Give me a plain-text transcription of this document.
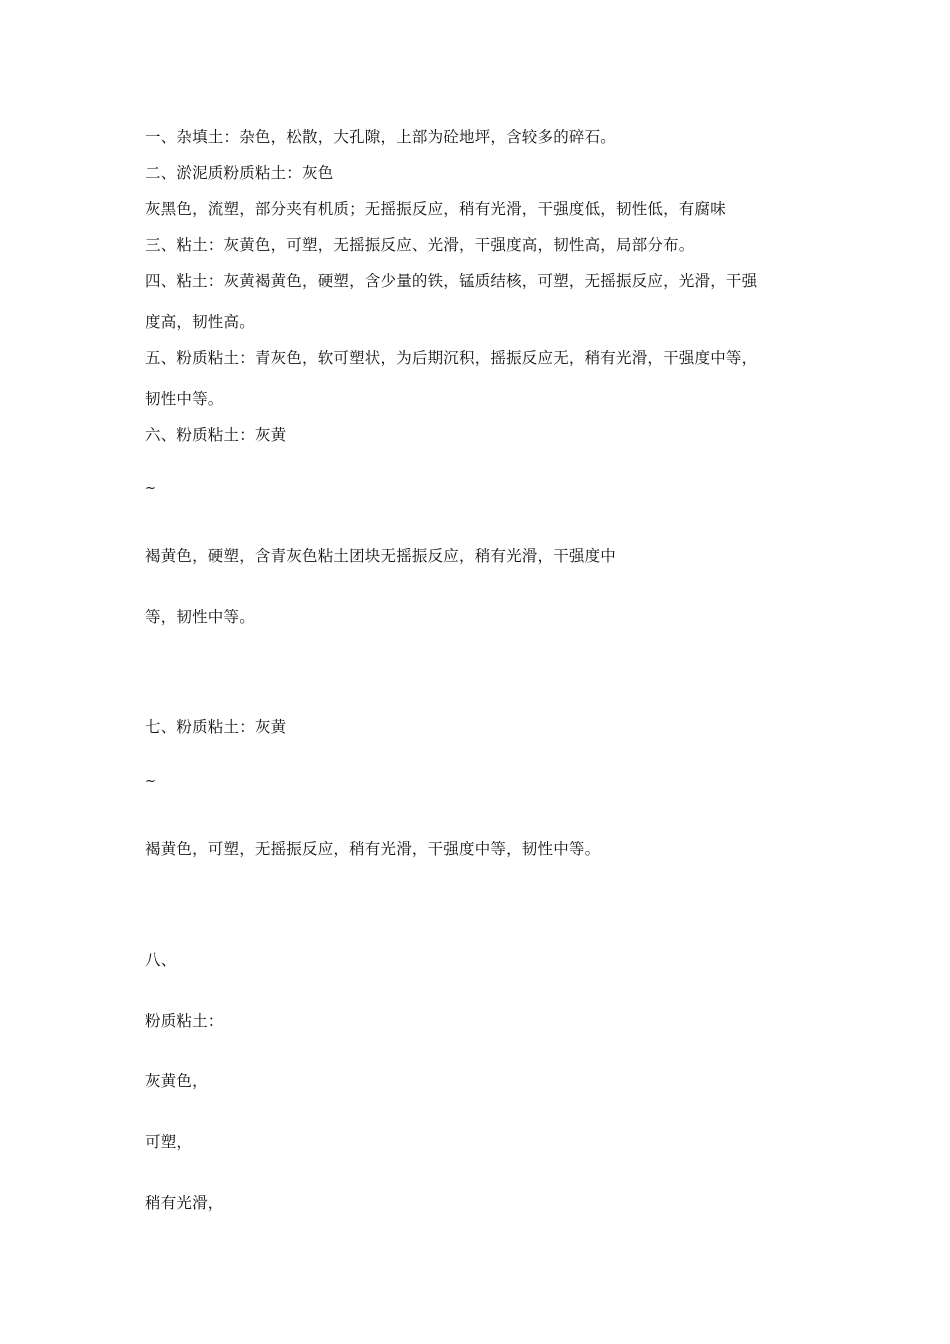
一、杂填土：杂色，松散，大孔隙，上部为砼地坪，含较多的碎石。
二、淤泥质粉质粘土：灰色
灰黑色，流塑，部分夹有机质；无摇振反应，稍有光滑，干强度低，韧性低，有腐味
三、粘土：灰黄色，可塑，无摇振反应、光滑，干强度高，韧性高，局部分布。
四、粘土：灰黄褐黄色，硬塑，含少量的铁，锰质结核，可塑，无摇振反应，光滑，干强
度高，韧性高。
五、粉质粘土：青灰色，软可塑状，为后期沉积，摇振反应无，稍有光滑，干强度中等，
韧性中等。
六、粉质粘土：灰黄
~
褐黄色，硬塑，含青灰色粘土团块无摇振反应，稍有光滑，干强度中
等，韧性中等。
七、粉质粘土：灰黄
~
褐黄色，可塑，无摇振反应，稍有光滑，干强度中等，韧性中等。
八、
粉质粘土：
灰黄色，
可塑，
稍有光滑，
